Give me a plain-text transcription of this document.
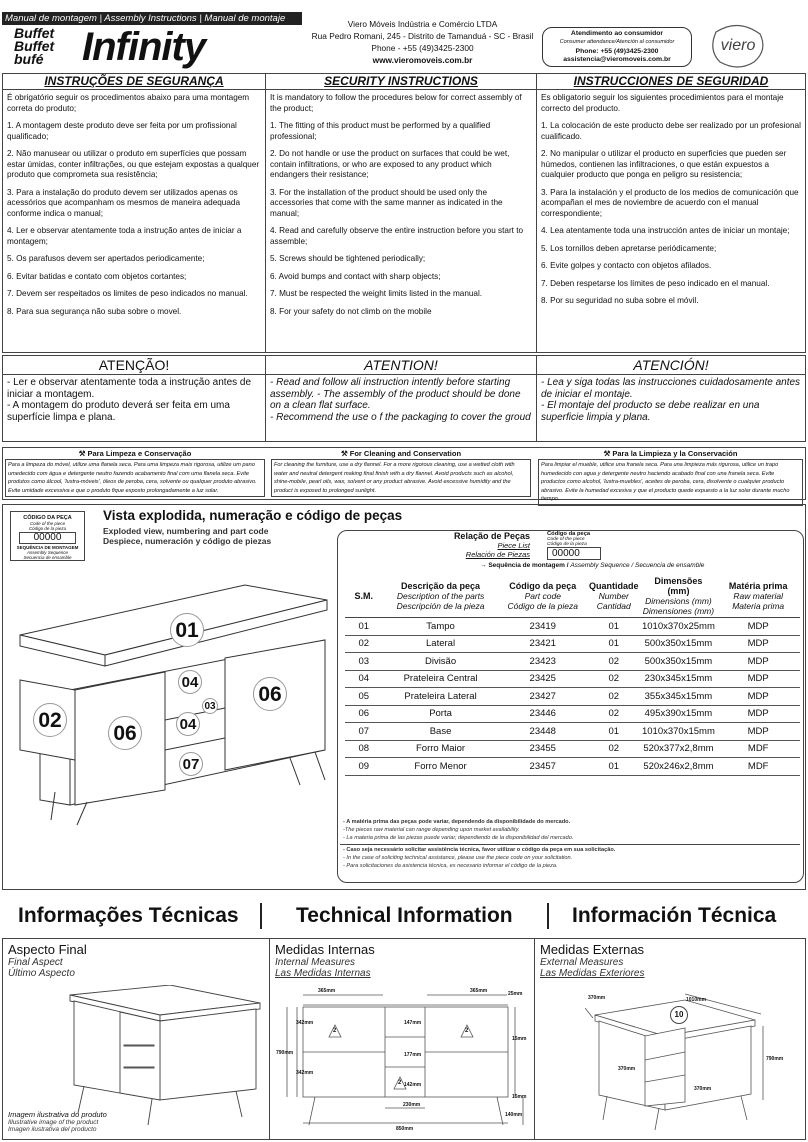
Manual de montagem | Assembly Instructions | Manual de montaje
Buffet
Buffet
bufé Infinity
Viero Móveis Indústria e Comércio LTDA
Rua Pedro Romani, 245 - Distrito de Tamanduá - SC - Brasil
Phone - +55 (49)3425-2300
www.vieromoveis.com.br
Atendimento ao consumidor
Consumer attendance/Atención al consumidor
Phone: +55 (49)3425-2300
assistencia@vieromoveis.com.br
viero
INSTRUÇÕES DE SEGURANÇA

É obrigatório seguir os procedimentos abaixo para uma montagem correta do produto;

1. A montagem deste produto deve ser feita por um profissional qualificado;

2. Não manusear ou utilizar o produto em superfícies que possam estar úmidas, conter infiltrações, ou que estejam expostas a qualquer produto que comprometa sua resistência;

3. Para a instalação do produto devem ser utilizados apenas os acessórios que acompanham os mesmos de maneira adequada conforme indica o manual;

4. Ler e observar atentamente toda a instrução antes de iniciar a montagem;

5. Os parafusos devem ser apertados periodicamente;

6. Evitar batidas e contato com objetos cortantes;

7. Devem ser respeitados os limites de peso indicados no manual.

8. Para sua segurança não suba sobre o movel.

SECURITY INSTRUCTIONS

It is mandatory to follow the procedures below for correct assembly of the product;

1. The fitting of this product must be performed by a qualified professional;

2. Do not handle or use the product on surfaces that could be wet, contain infiltrations, or who are exposed to any product which endangers their resistance;

3. For the installation of the product should be used only the accessories that come with the same manner as indicated in the manual;

4. Read and carefully observe the entire instruction before you start to assemble;

5. Screws should be tightened periodically;

6. Avoid bumps and contact with sharp objects;

7. Must be respected the weight limits listed in the manual.

8. For your safety do not climb on the mobile

INSTRUCCIONES DE SEGURIDAD

Es obligatorio seguir los siguientes procedimientos para el montaje correcto del producto.

1. La colocación de este producto debe ser realizado por un profesional cualificado.

2. No manipular o utilizar el producto en superficies que pueden ser húmedos, contienen las infiltraciones, o que están expuestos a cualquier producto que ponga en peligro su resistencia;

3. Para la instalación y el producto de los medios de comunicación que acompañan el mes de noviembre de acuerdo con el manual correspondiente;

4. Lea atentamente toda una instrucción antes de iniciar un montaje;

5. Los tornillos deben apretarse periódicamente;

6. Evite golpes y contacto con objetos afilados.

7. Deben respetarse los límites de peso indicado en el manual.

8. Por su seguridad no suba sobre el móvil.

ATENÇÃO!
- Ler e observar atentamente toda a instrução antes de iniciar a montagem.
- A montagem do produto deverá ser feita em uma superfície limpa e plana.
ATENTION!
- Read and follow ali instruction intently before starting assembly. - The assembly of the product should be done on a clean flat surface.
- Recommend the use o f the packaging to cover the groud
ATENCIÓN!
- Lea y siga todas las instrucciones cuidadosamente antes de iniciar el montaje.
- El montaje del producto se debe realizar en una superficie limpia y plana.
⚒ Para Limpeza e Conservação
Para a limpeza do móvel, utilize uma flanela seca. Para uma limpeza mais rigorosa, utilize um pano umedecido com água e detergente neutro fazendo acabamento final com uma flanela seca. Evite produtos como álcool, 'lustra-móveis', óleos de peroba, cera, solvente ou qualquer produto abrasivo. Evite umidade excessiva e que o produto fique exposto prolongadamente a luz solar.
⚒ For Cleaning and Conservation
For cleaning the furniture, use a dry flannel. For a more rigorous cleaning, use a wetted cloth with water and neutral detergent making final finish with a dry flannel. Avoid products such as alcohol, shine-mobile, pearl oils, wax, solvent or any product abrasive. Avoid excessive humidity and the product is exposed to prolonged sunlight.
⚒ Para la Limpieza y la Conservación
Para limpiar el mueble, utilice una franela seca. Para una limpieza más rigurosa, utilice un trapo humedecido con agua y detergente neutro haciendo acabado final con una franela seca. Evite productos como alcohol, 'lustra-muebles', aceites de peroba, cera, disolvente o cualquier producto abrasivo. Evite la humedad excesiva y que el producto quede expuesto a la luz solar durante mucho tiempo.
CÓDIGO DA PEÇA
Code of the piece
Código de la pieza
00000
SEQUÊNCIA DE MONTAGEM
Assembly Sequence
Secuencia de ensamble
Vista explodida, numeração e código de peças
Exploded view, numbering and part code
Despiece, numeración y código de piezas
01
02
03
04
04
06
06
07
Relação de Peças
Piece List
Relación de Piezas
Código da peça
Code of the piece
Código de la pieza
00000
→ Sequência de montagem / Assembly Sequence / Secuencia de ensamble
S.M.	Descrição da peça
Description of the parts
Descripción de la pieza	Código da peça
Part code
Código de la pieza	Quantidade
Number
Cantidad	Dimensões (mm)
Dimensions (mm)
Dimensiones (mm)	Matéria prima
Raw material
Materia prima

01	Tampo	23419	01	1010x370x25mm	MDP
02	Lateral	23421	01	500x350x15mm	MDP
03	Divisão	23423	02	500x350x15mm	MDP
04	Prateleira Central	23425	02	230x345x15mm	MDP
05	Prateleira Lateral	23427	02	355x345x15mm	MDP
06	Porta	23446	02	495x390x15mm	MDP
07	Base	23448	01	1010x370x15mm	MDP
08	Forro Maior	23455	02	520x377x2,8mm	MDF
09	Forro Menor	23457	01	520x246x2,8mm	MDF
- A matéria prima das peças pode variar, dependendo da disponibilidade do mercado.
-The pieces raw material can range depending upon market availability.
- La materia prima de las piezas puede variar, dependiendo de la disponibilidad del mercado.
- Caso seja necessário solicitar assistência técnica, favor utilizar o código da peça em sua solicitação.
- In the case of soliciting technical assistance, please use the piece code on your solicitation.
- Para solicitaciones da asistencia técnica, es necesario informar el código de la pieza.
Informações Técnicas	Technical Information	Información Técnica
Aspecto Final
Final Aspect
Último Aspecto
Imagem ilustrativa do produto
Illustrative image of the product
Imagen ilustrativa del producto
Medidas Internas
Internal Measures
Las Medidas Internas
365mm	365mm
342mm
790mm
342mm
147mm
177mm
142mm
230mm
850mm
15mm
25mm
140mm
15mm
2	2
2
Medidas Externas
External Measures
Las Medidas Exteriores
10
370mm	1010mm
790mm
370mm
370mm
